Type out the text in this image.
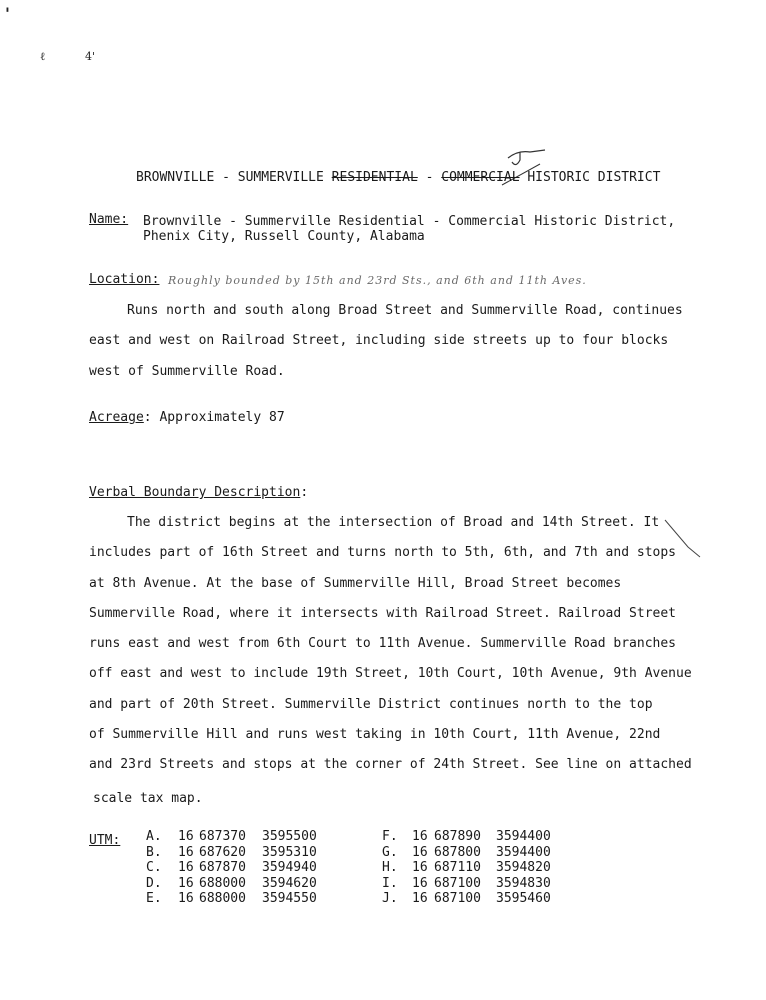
'
ℓ	4'
BROWNVILLE - SUMMERVILLE RESIDENTIAL - COMMERCIAL HISTORIC DISTRICT
Name: Brownville - Summerville Residential - Commercial Historic District,
Phenix City, Russell County, Alabama
Location: Roughly bounded by 15th and 23rd Sts., and 6th and 11th Aves.
Runs north and south along Broad Street and Summerville Road, continues
east and west on Railroad Street, including side streets up to four blocks
west of Summerville Road.
Acreage: Approximately 87
Verbal Boundary Description:
The district begins at the intersection of Broad and 14th Street. It
includes part of 16th Street and turns north to 5th, 6th, and 7th and stops
at 8th Avenue. At the base of Summerville Hill, Broad Street becomes
Summerville Road, where it intersects with Railroad Street. Railroad Street
runs east and west from 6th Court to 11th Avenue. Summerville Road branches
off east and west to include 19th Street, 10th Court, 10th Avenue, 9th Avenue
and part of 20th Street. Summerville District continues north to the top
of Summerville Hill and runs west taking in 10th Court, 11th Avenue, 22nd
and 23rd Streets and stops at the corner of 24th Street. See line on attached
scale tax map.
UTM: A. 16 687370 3595500
B. 16 687620 3595310
C. 16 687870 3594940
D. 16 688000 3594620
E. 16 688000 3594550
F. 16 687890 3594400
G. 16 687800 3594400
H. 16 687110 3594820
I. 16 687100 3594830
J. 16 687100 3595460
